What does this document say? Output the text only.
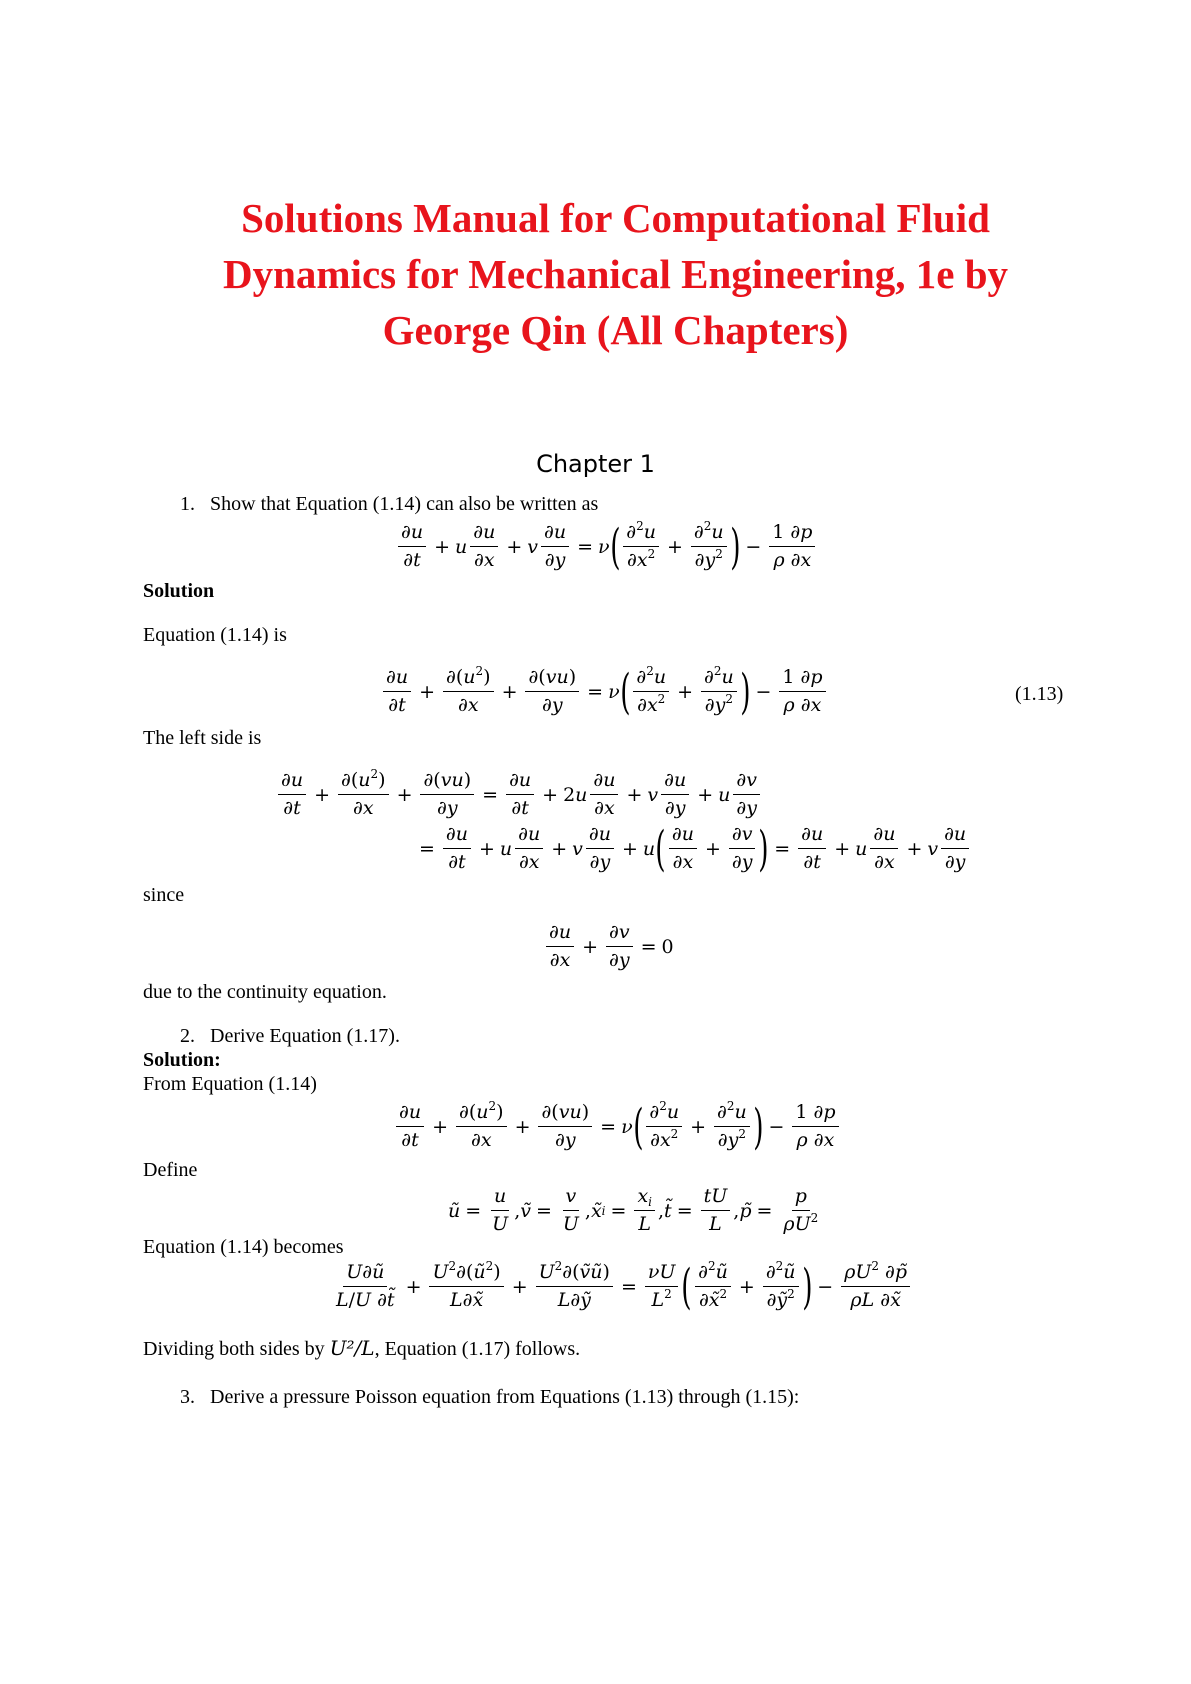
Solutions Manual for Computational Fluid
Dynamics for Mechanical Engineering, 1e by
George Qin (All Chapters)
Chapter 1
1. Show that Equation (1.14) can also be written as
∂u
∂t
+ u
∂u
∂x
+ v $\frac{\partial u}{\partial y} = \nu$ ( ∂$^2$u
$\partial x^2 + \frac{\partial^2u}{\partial y^2}$ ) − $\frac{1 \partial p}{\rho \partial x}$
Solution
Equation (1.14) is
∂u
∂t
+ $\frac{\partial(u^2)}{\partial x} + \frac{\partial(vu)}{\partial y} = \nu$ ( ∂$^2$u
$\partial x^2 + \frac{\partial^2u}{\partial y^2}$ ) − $\frac{1 \partial p}{\rho \partial x}$	(1.13)
The left side is
∂u
∂t
+ $\frac{\partial(u^2)}{\partial x} + \frac{\partial(vu)}{\partial y} = \frac{\partial u}{\partial t} + 2$ u
∂u
∂x
+ v
∂u
∂y
+ u
∂v
∂y
= $\frac{\partial u}{\partial t} + u$
∂u
∂x
+ v
∂u
∂y
+ u ( ∂u
∂x
+ $\frac{\partial v}{\partial y}$ ) = $\frac{\partial u}{\partial t} + u$
∂u
∂x
+ v
∂u
∂y
since
∂u
∂x
+ $\frac{\partial v}{\partial y} = 0$
due to the continuity equation.
2. Derive Equation (1.17).
Solution:
From Equation (1.14)
∂u
∂t
+ $\frac{\partial(u^2)}{\partial x} + \frac{\partial(vu)}{\partial y} = \nu$ ( ∂$^2$u
$\partial x^2 + \frac{\partial^2u}{\partial y^2}$ ) − $\frac{1 \partial p}{\rho \partial x}$
Define
ũ = $\frac{u}{U}$ , ṽ = $\frac{v}{U}$ , x̃ $i = \frac{x_i}{L}$ , t̃ = $\frac{tU}{L}$ , p̃ = $\frac{p}{\rho U^2}$
Equation (1.14) becomes
U∂ũ
L/U ∂t̃
+ $\frac{U^2\partial(ũ^2)}{L\partial x̃} + \frac{U^2\partial(ṽũ)}{\text{L∂ỹ}} = \frac{\nu U}{L^2}$ ( ∂$^2$ũ
∂x̃$^2$ + $\frac{\partial^2ũ}{\partial ỹ^2}$ ) − $\frac{\rho U^2 \partial p̃}{\rho L \partial x̃}$
Dividing both sides by U²/L, Equation (1.17) follows.
3. Derive a pressure Poisson equation from Equations (1.13) through (1.15):
